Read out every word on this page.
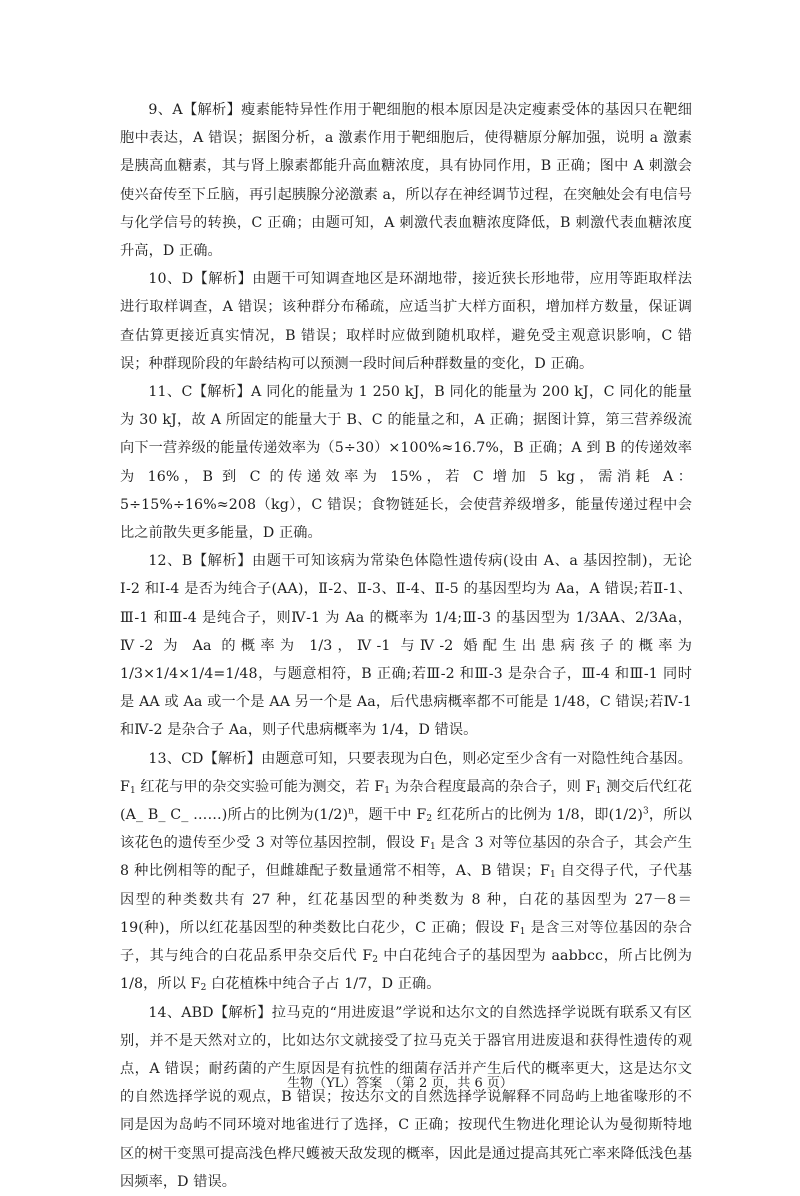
9、A【解析】瘦素能特异性作用于靶细胞的根本原因是决定瘦素受体的基因只在靶细胞中表达，A 错误；据图分析，a 激素作用于靶细胞后，使得糖原分解加强，说明 a 激素是胰高血糖素，其与肾上腺素都能升高血糖浓度，具有协同作用，B 正确；图中 A 刺激会使兴奋传至下丘脑，再引起胰腺分泌激素 a，所以存在神经调节过程，在突触处会有电信号与化学信号的转换，C 正确；由题可知，A 刺激代表血糖浓度降低，B 刺激代表血糖浓度升高，D 正确。

10、D【解析】由题干可知调查地区是环湖地带，接近狭长形地带，应用等距取样法进行取样调查，A 错误；该种群分布稀疏，应适当扩大样方面积，增加样方数量，保证调查估算更接近真实情况，B 错误；取样时应做到随机取样，避免受主观意识影响，C 错误；种群现阶段的年龄结构可以预测一段时间后种群数量的变化，D 正确。

11、C【解析】A 同化的能量为 1 250 kJ，B 同化的能量为 200 kJ，C 同化的能量为 30 kJ，故 A 所固定的能量大于 B、C 的能量之和，A 正确；据图计算，第三营养级流向下一营养级的能量传递效率为（5÷30）×100%≈16.7%，B 正确；A 到 B 的传递效率为 16%，B 到 C 的传递效率为 15%，若 C 增加 5 kg，需消耗 A：5÷15%÷16%≈208（kg），C 错误；食物链延长，会使营养级增多，能量传递过程中会比之前散失更多能量，D 正确。

12、B【解析】由题干可知该病为常染色体隐性遗传病(设由 A、a 基因控制)，无论Ⅰ-2 和Ⅰ-4 是否为纯合子(AA)，Ⅱ-2、Ⅱ-3、Ⅱ-4、Ⅱ-5 的基因型均为 Aa，A 错误;若Ⅱ-1、Ⅲ-1 和Ⅲ-4 是纯合子，则Ⅳ-1 为 Aa 的概率为 1/4;Ⅲ-3 的基因型为 1/3AA、2/3Aa，Ⅳ-2 为 Aa 的概率为 1/3，Ⅳ-1 与Ⅳ-2 婚配生出患病孩子的概率为 1/3×1/4×1/4=1/48，与题意相符，B 正确;若Ⅲ-2 和Ⅲ-3 是杂合子，Ⅲ-4 和Ⅲ-1 同时是 AA 或 Aa 或一个是 AA 另一个是 Aa，后代患病概率都不可能是 1/48，C 错误;若Ⅳ-1 和Ⅳ-2 是杂合子 Aa，则子代患病概率为 1/4，D 错误。

13、CD【解析】由题意可知，只要表现为白色，则必定至少含有一对隐性纯合基因。$F_1$ 红花与甲的杂交实验可能为测交，若 $F_1$ 为杂合程度最高的杂合子，则 $F_1$ 测交后代红花(A_ B_ C_ ……)所占的比例为$(1/2)^n$，题干中 $F_2$ 红花所占的比例为 1/8，即$(1/2)^3$，所以该花色的遗传至少受 3 对等位基因控制，假设 $F_1$ 是含 3 对等位基因的杂合子，其会产生 8 种比例相等的配子，但雌雄配子数量通常不相等，A、B 错误；$F_1$ 自交得子代，子代基因型的种类数共有 27 种，红花基因型的种类数为 8 种，白花的基因型为 27－8＝19(种)，所以红花基因型的种类数比白花少，C 正确；假设 $F_1$ 是含三对等位基因的杂合子，其与纯合的白花品系甲杂交后代 $F_2$ 中白花纯合子的基因型为 aabbcc，所占比例为 1/8，所以 $F_2$ 白花植株中纯合子占 1/7，D 正确。

14、ABD【解析】拉马克的“用进废退”学说和达尔文的自然选择学说既有联系又有区别，并不是天然对立的，比如达尔文就接受了拉马克关于器官用进废退和获得性遗传的观点，A 错误；耐药菌的产生原因是有抗性的细菌存活并产生后代的概率更大，这是达尔文的自然选择学说的观点，B 错误；按达尔文的自然选择学说解释不同岛屿上地雀喙形的不同是因为岛屿不同环境对地雀进行了选择，C 正确；按现代生物进化理论认为曼彻斯特地区的树干变黑可提高浅色桦尺蠖被天敌发现的概率，因此是通过提高其死亡率来降低浅色基因频率，D 错误。

生物（YL）答案　（第 2 页，共 6 页）
